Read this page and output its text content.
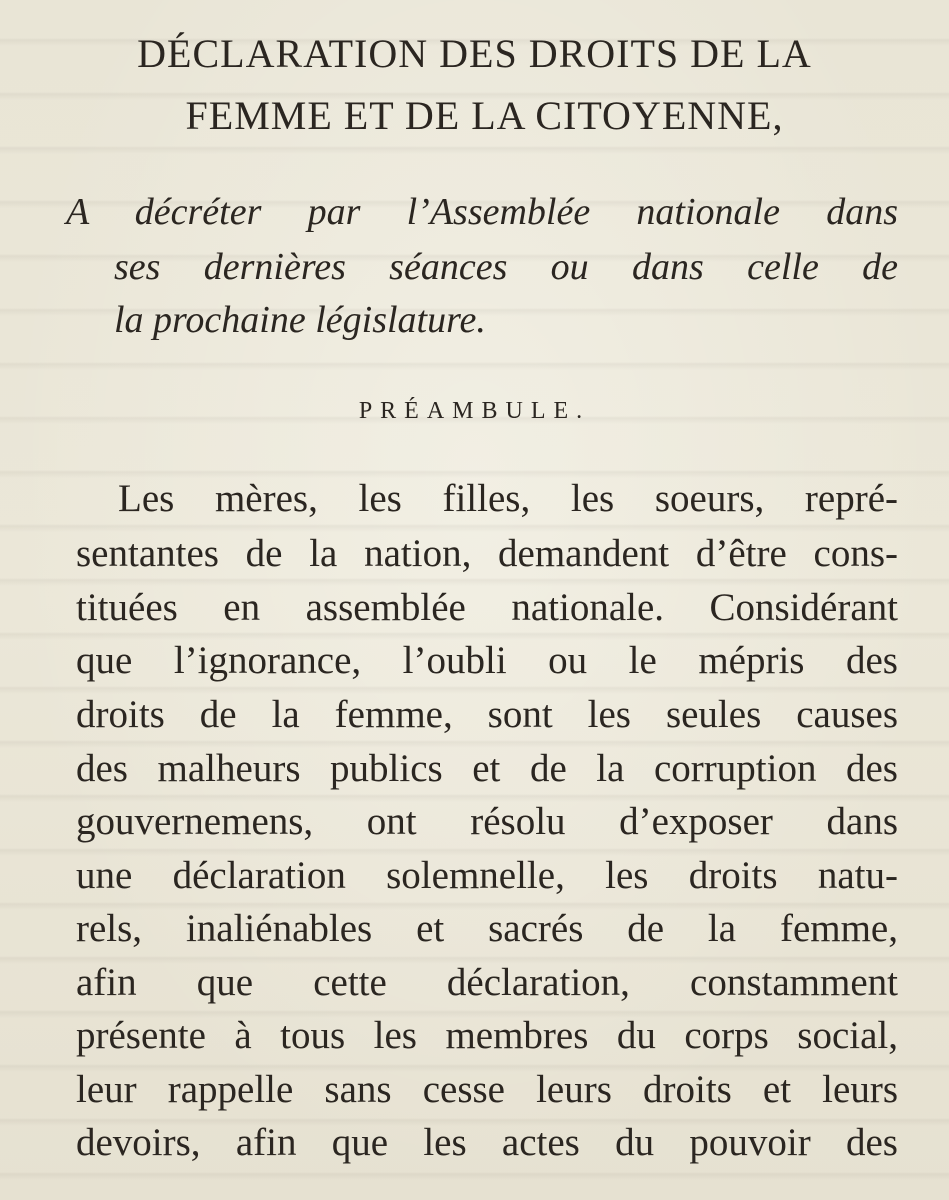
DÉCLARATION DES DROITS DE LA
FEMME ET DE LA CITOYENNE,
A décréter par l’Assemblée nationale dans
ses dernières séances ou dans celle de
la prochaine législature.
PRÉAMBULE.
Les mères, les filles, les soeurs, repré-
sentantes de la nation, demandent d’être cons-
tituées en assemblée nationale. Considérant
que l’ignorance, l’oubli ou le mépris des
droits de la femme, sont les seules causes
des malheurs publics et de la corruption des
gouvernemens, ont résolu d’exposer dans
une déclaration solemnelle, les droits natu-
rels, inaliénables et sacrés de la femme,
afin que cette déclaration, constamment
présente à tous les membres du corps social,
leur rappelle sans cesse leurs droits et leurs
devoirs, afin que les actes du pouvoir des
